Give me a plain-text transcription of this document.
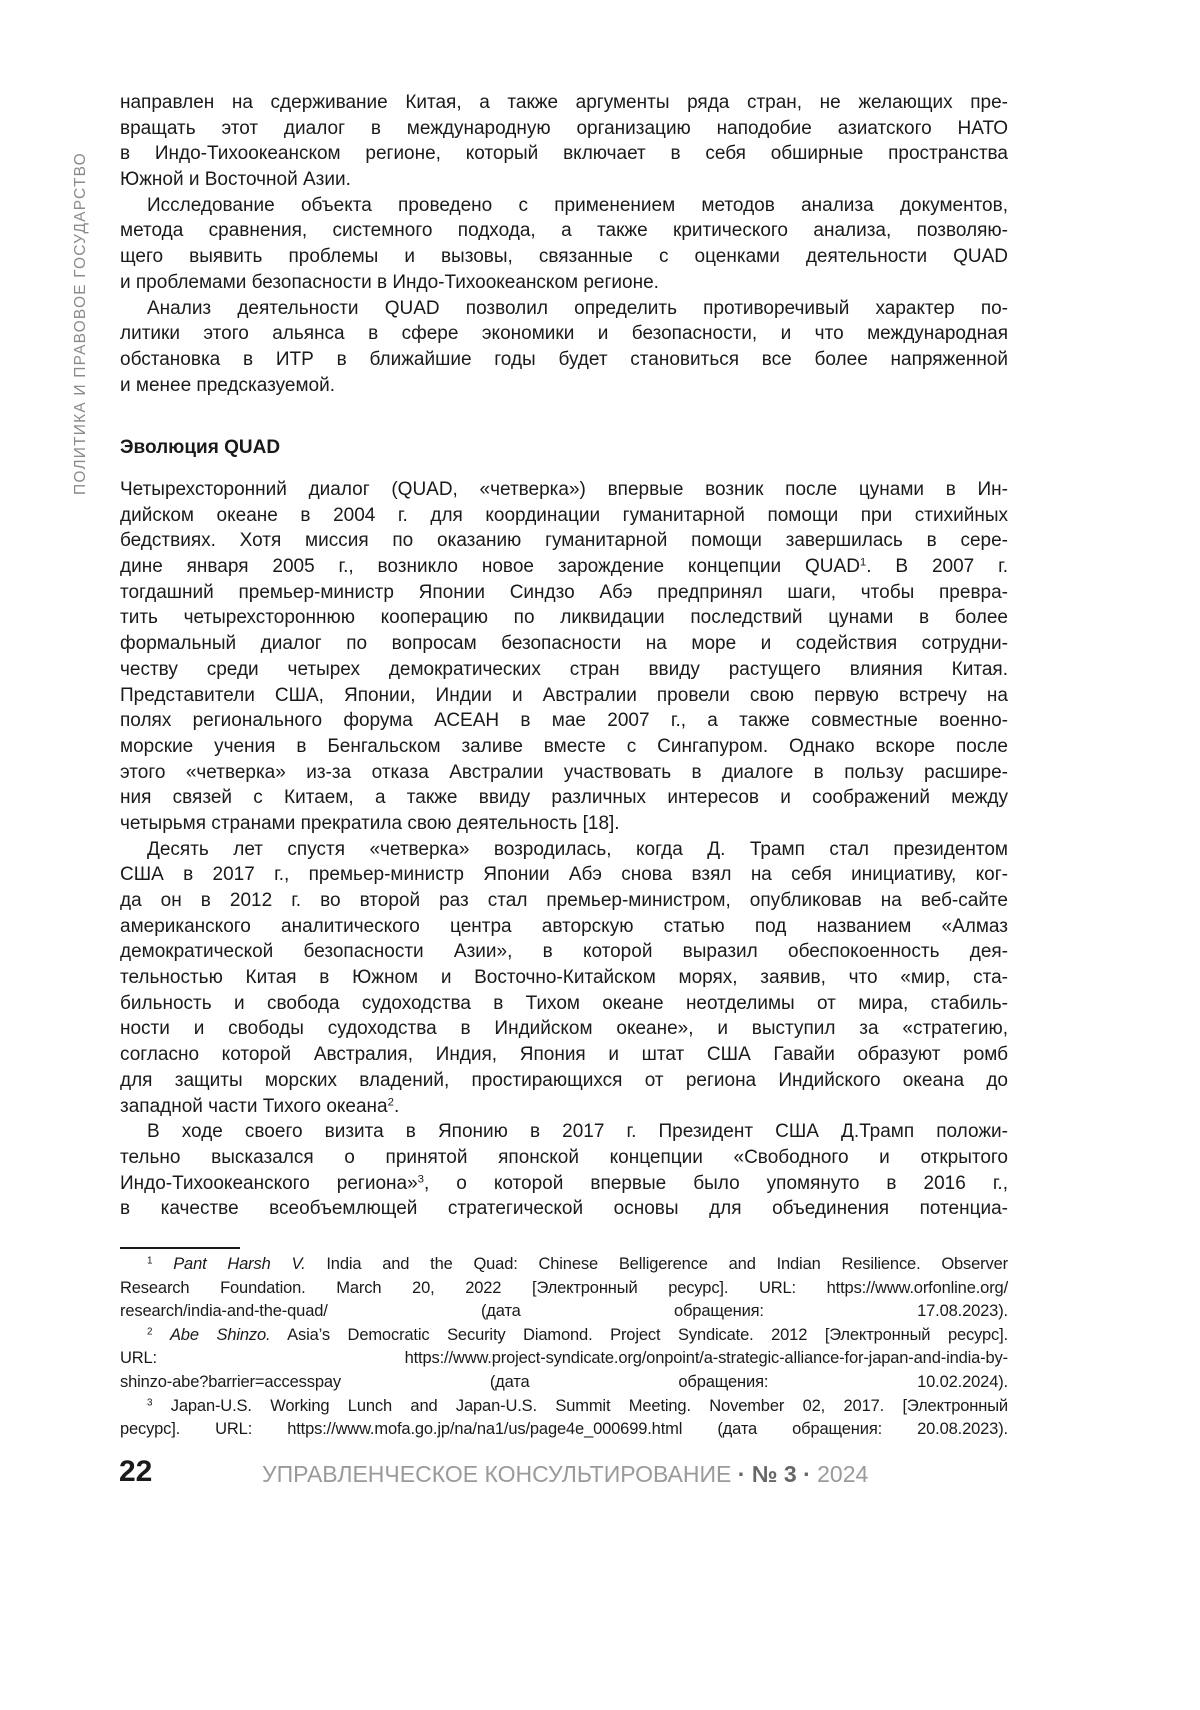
ПОЛИТИКА И ПРАВОВОЕ ГОСУДАРСТВО
направлен на сдерживание Китая, а также аргументы ряда стран, не желающих пре-
вращать этот диалог в международную организацию наподобие азиатского НАТО
в Индо-Тихоокеанском регионе, который включает в себя обширные пространства
Южной и Восточной Азии.
Исследование объекта проведено с применением методов анализа документов,
метода сравнения, системного подхода, а также критического анализа, позволяю-
щего выявить проблемы и вызовы, связанные с оценками деятельности QUAD
и проблемами безопасности в Индо-Тихоокеанском регионе.
Анализ деятельности QUAD позволил определить противоречивый характер по-
литики этого альянса в сфере экономики и безопасности, и что международная
обстановка в ИТР в ближайшие годы будет становиться все более напряженной
и менее предсказуемой.
Эволюция QUAD
Четырехсторонний диалог (QUAD, «четверка») впервые возник после цунами в Ин-
дийском океане в 2004 г. для координации гуманитарной помощи при стихийных
бедствиях. Хотя миссия по оказанию гуманитарной помощи завершилась в сере-
дине января 2005 г., возникло новое зарождение концепции QUAD1. В 2007 г.
тогдашний премьер-министр Японии Синдзо Абэ предпринял шаги, чтобы превра-
тить четырехстороннюю кооперацию по ликвидации последствий цунами в более
формальный диалог по вопросам безопасности на море и содействия сотрудни-
честву среди четырех демократических стран ввиду растущего влияния Китая.
Представители США, Японии, Индии и Австралии провели свою первую встречу на
полях регионального форума АСЕАН в мае 2007 г., а также совместные военно-
морские учения в Бенгальском заливе вместе с Сингапуром. Однако вскоре после
этого «четверка» из-за отказа Австралии участвовать в диалоге в пользу расшире-
ния связей с Китаем, а также ввиду различных интересов и соображений между
четырьмя странами прекратила свою деятельность [18].
Десять лет спустя «четверка» возродилась, когда Д. Трамп стал президентом
США в 2017 г., премьер-министр Японии Абэ снова взял на себя инициативу, ког-
да он в 2012 г. во второй раз стал премьер-министром, опубликовав на веб-сайте
американского аналитического центра авторскую статью под названием «Алмаз
демократической безопасности Азии», в которой выразил обеспокоенность дея-
тельностью Китая в Южном и Восточно-Китайском морях, заявив, что «мир, ста-
бильность и свобода судоходства в Тихом океане неотделимы от мира, стабиль-
ности и свободы судоходства в Индийском океане», и выступил за «стратегию,
согласно которой Австралия, Индия, Япония и штат США Гавайи образуют ромб
для защиты морских владений, простирающихся от региона Индийского океана до
западной части Тихого океана2.
В ходе своего визита в Японию в 2017 г. Президент США Д.Трамп положи-
тельно высказался о принятой японской концепции «Свободного и открытого
Индо-Тихоокеанского региона»3, о которой впервые было упомянуто в 2016 г.,
в качестве всеобъемлющей стратегической основы для объединения потенциа-
1 Pant Harsh V. India and the Quad: Chinese Belligerence and Indian Resilience. Observer
Research Foundation. March 20, 2022 [Электронный ресурс]. URL: https://www.orfonline.org/
research/india-and-the-quad/ (дата обращения: 17.08.2023).
2 Abe Shinzo. Asia’s Democratic Security Diamond. Project Syndicate. 2012 [Электронный ресурс].
URL: https://www.project-syndicate.org/onpoint/a-strategic-alliance-for-japan-and-india-by-
shinzo-abe?barrier=accesspay (дата обращения: 10.02.2024).
3 Japan-U.S. Working Lunch and Japan-U.S. Summit Meeting. November 02, 2017. [Электронный
ресурс]. URL: https://www.mofa.go.jp/na/na1/us/page4e_000699.html (дата обращения: 20.08.2023).
22	УПРАВЛЕНЧЕСКОЕ КОНСУЛЬТИРОВАНИЕ · № 3 · 2024
